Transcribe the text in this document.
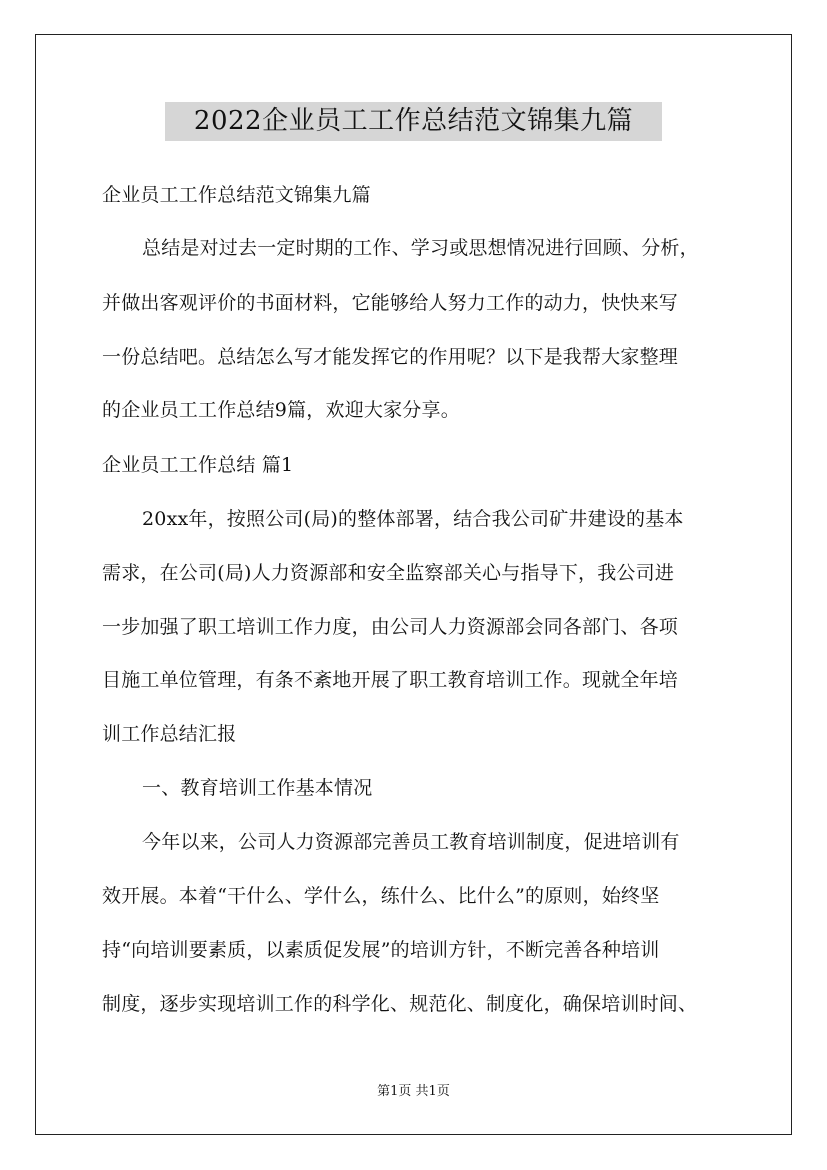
2022企业员工工作总结范文锦集九篇
企业员工工作总结范文锦集九篇
总结是对过去一定时期的工作、学习或思想情况进行回顾、分析，
并做出客观评价的书面材料，它能够给人努力工作的动力，快快来写
一份总结吧。总结怎么写才能发挥它的作用呢？以下是我帮大家整理
的企业员工工作总结9篇，欢迎大家分享。
企业员工工作总结 篇1
20xx年，按照公司(局)的整体部署，结合我公司矿井建设的基本
需求，在公司(局)人力资源部和安全监察部关心与指导下，我公司进
一步加强了职工培训工作力度，由公司人力资源部会同各部门、各项
目施工单位管理，有条不紊地开展了职工教育培训工作。现就全年培
训工作总结汇报
一、教育培训工作基本情况
今年以来，公司人力资源部完善员工教育培训制度，促进培训有
效开展。本着“干什么、学什么，练什么、比什么”的原则，始终坚
持“向培训要素质，以素质促发展”的培训方针，不断完善各种培训
制度，逐步实现培训工作的科学化、规范化、制度化，确保培训时间、
第1页 共1页
